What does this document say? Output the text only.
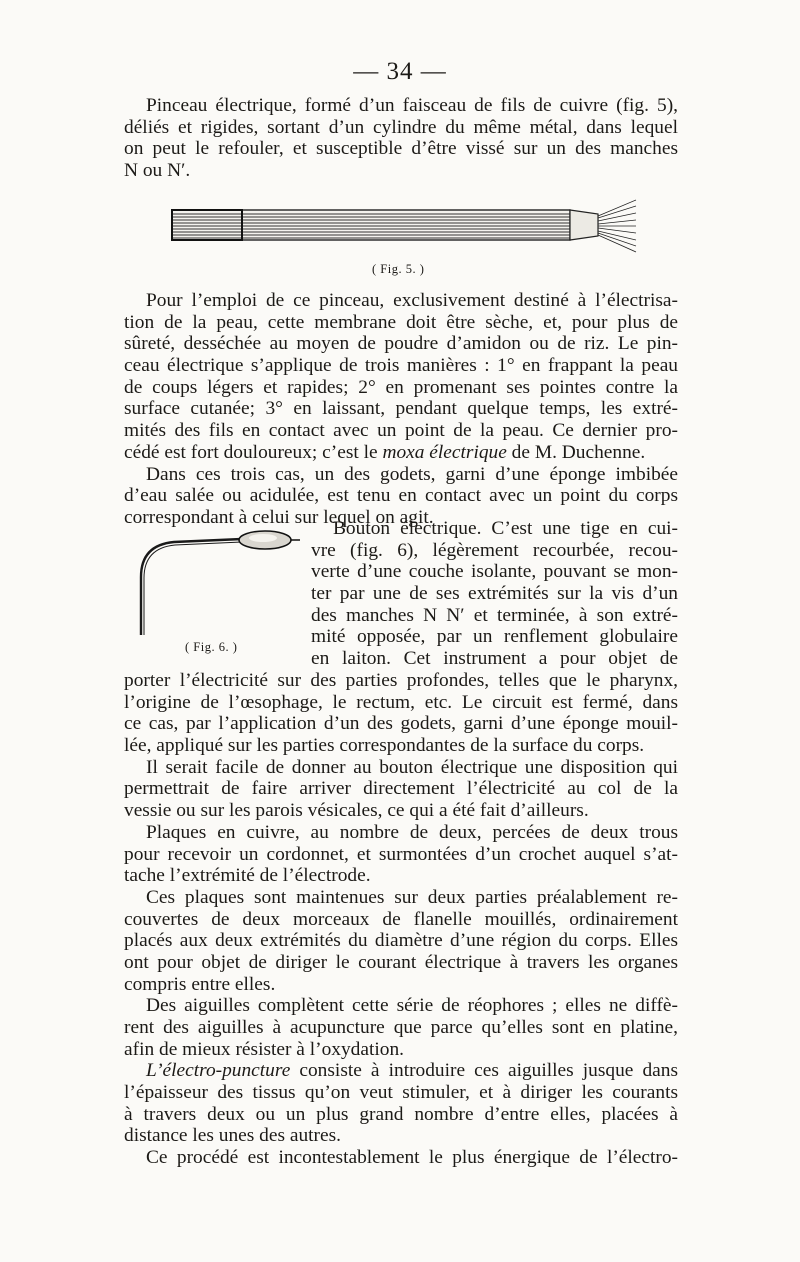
— 34 —
Pinceau électrique, formé d’un faisceau de fils de cuivre (fig. 5),
déliés et rigides, sortant d’un cylindre du même métal, dans lequel
on peut le refouler, et susceptible d’être vissé sur un des manches
N ou N′.
( Fig. 5. )
Pour l’emploi de ce pinceau, exclusivement destiné à l’électrisa-
tion de la peau, cette membrane doit être sèche, et, pour plus de
sûreté, desséchée au moyen de poudre d’amidon ou de riz. Le pin-
ceau électrique s’applique de trois manières : 1° en frappant la peau
de coups légers et rapides; 2° en promenant ses pointes contre la
surface cutanée; 3° en laissant, pendant quelque temps, les extré-
mités des fils en contact avec un point de la peau. Ce dernier pro-
cédé est fort douloureux; c’est le moxa électrique de M. Duchenne.
Dans ces trois cas, un des godets, garni d’une éponge imbibée
d’eau salée ou acidulée, est tenu en contact avec un point du corps
correspondant à celui sur lequel on agit.
( Fig. 6. )
Bouton électrique. C’est une tige en cui-
vre (fig. 6), légèrement recourbée, recou-
verte d’une couche isolante, pouvant se mon-
ter par une de ses extrémités sur la vis d’un
des manches N N′ et terminée, à son extré-
mité opposée, par un renflement globulaire
en laiton. Cet instrument a pour objet de
porter l’électricité sur des parties profondes, telles que le pharynx,
l’origine de l’œsophage, le rectum, etc. Le circuit est fermé, dans
ce cas, par l’application d’un des godets, garni d’une éponge mouil-
lée, appliqué sur les parties correspondantes de la surface du corps.
Il serait facile de donner au bouton électrique une disposition qui
permettrait de faire arriver directement l’électricité au col de la
vessie ou sur les parois vésicales, ce qui a été fait d’ailleurs.
Plaques en cuivre, au nombre de deux, percées de deux trous
pour recevoir un cordonnet, et surmontées d’un crochet auquel s’at-
tache l’extrémité de l’électrode.
Ces plaques sont maintenues sur deux parties préalablement re-
couvertes de deux morceaux de flanelle mouillés, ordinairement
placés aux deux extrémités du diamètre d’une région du corps. Elles
ont pour objet de diriger le courant électrique à travers les organes
compris entre elles.
Des aiguilles complètent cette série de réophores ; elles ne diffè-
rent des aiguilles à acupuncture que parce qu’elles sont en platine,
afin de mieux résister à l’oxydation.
L’électro-puncture consiste à introduire ces aiguilles jusque dans
l’épaisseur des tissus qu’on veut stimuler, et à diriger les courants
à travers deux ou un plus grand nombre d’entre elles, placées à
distance les unes des autres.
Ce procédé est incontestablement le plus énergique de l’électro-
